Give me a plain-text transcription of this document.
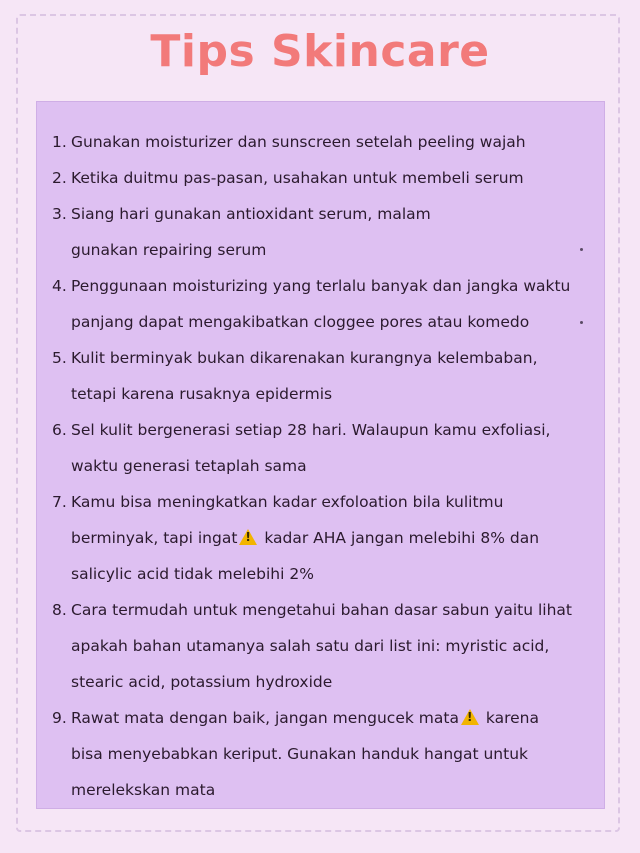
Tips Skincare
1. Gunakan moisturizer dan sunscreen setelah peeling wajah
2. Ketika duitmu pas-pasan, usahakan untuk membeli serum
3. Siang hari gunakan antioxidant serum, malam gunakan repairing serum
4. Penggunaan moisturizing yang terlalu banyak dan jangka waktu panjang dapat mengakibatkan cloggee pores atau komedo
5. Kulit berminyak bukan dikarenakan kurangnya kelembaban, tetapi karena rusaknya epidermis
6. Sel kulit bergenerasi setiap 28 hari. Walaupun kamu exfoliasi, waktu generasi tetaplah sama
7. Kamu bisa meningkatkan kadar exfoloation bila kulitmu berminyak, tapi ingat! kadar AHA jangan melebihi 8% dan salicylic acid tidak melebihi 2%
8. Cara termudah untuk mengetahui bahan dasar sabun yaitu lihat apakah bahan utamanya salah satu dari list ini: myristic acid, stearic acid, potassium hydroxide
9. Rawat mata dengan baik, jangan mengucek mata! karena bisa menyebabkan keriput. Gunakan handuk hangat untuk merelekskan mata
